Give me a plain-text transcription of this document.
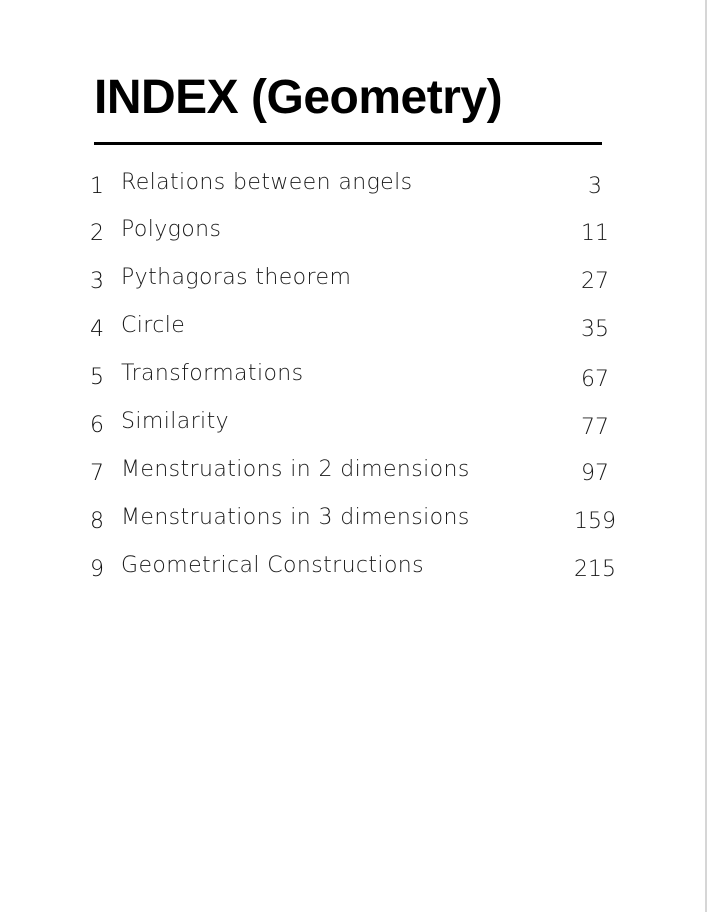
INDEX (Geometry)
1 Relations between angels	3
2 Polygons	11
3 Pythagoras theorem	27
4 Circle	35
5 Transformations	67
6 Similarity	77
7 Menstruations in 2 dimensions	97
8 Menstruations in 3 dimensions	159
9 Geometrical Constructions	215
